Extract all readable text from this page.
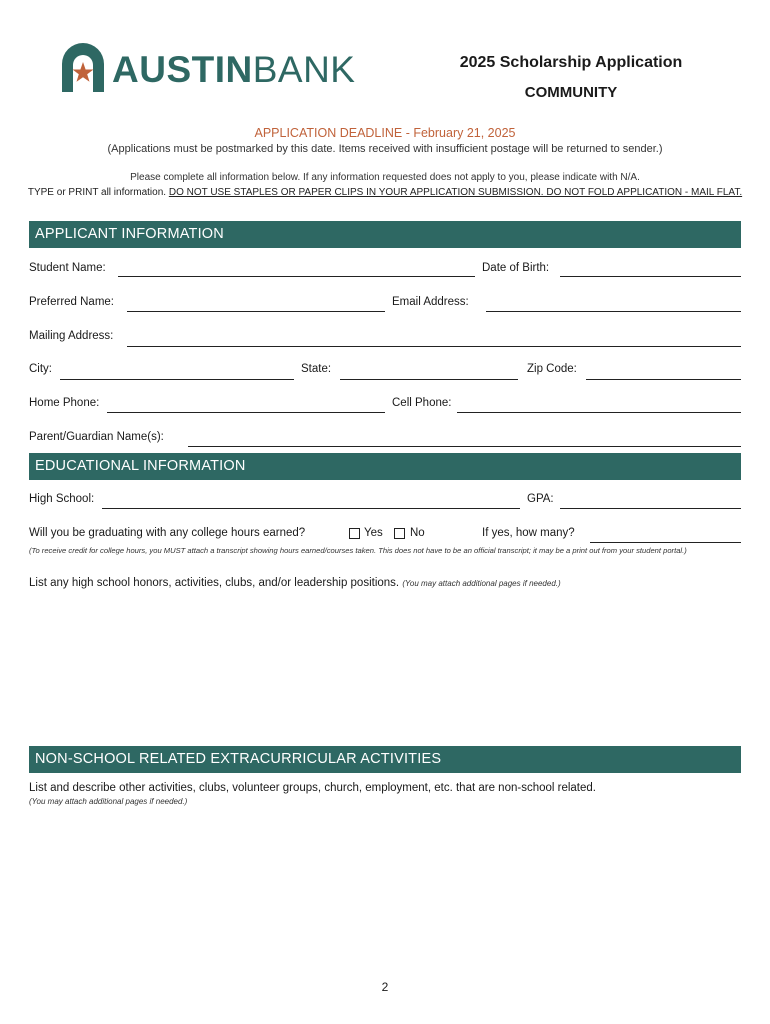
AUSTINBANK	2025 Scholarship Application
COMMUNITY
APPLICATION DEADLINE - February 21, 2025
(Applications must be postmarked by this date. Items received with insufficient postage will be returned to sender.)
Please complete all information below. If any information requested does not apply to you, please indicate with N/A.
TYPE or PRINT all information. DO NOT USE STAPLES OR PAPER CLIPS IN YOUR APPLICATION SUBMISSION. DO NOT FOLD APPLICATION - MAIL FLAT.
APPLICANT INFORMATION
Student Name:	Date of Birth:
Preferred Name:	Email Address:
Mailing Address:
City:	State:	Zip Code:
Home Phone:	Cell Phone:
Parent/Guardian Name(s):
EDUCATIONAL INFORMATION
High School:	GPA:
Will you be graduating with any college hours earned?	Yes No	If yes, how many?
(To receive credit for college hours, you MUST attach a transcript showing hours earned/courses taken. This does not have to be an official transcript; it may be a print out from your student portal.)
List any high school honors, activities, clubs, and/or leadership positions. (You may attach additional pages if needed.)
NON-SCHOOL RELATED EXTRACURRICULAR ACTIVITIES
List and describe other activities, clubs, volunteer groups, church, employment, etc. that are non-school related.
(You may attach additional pages if needed.)
2
